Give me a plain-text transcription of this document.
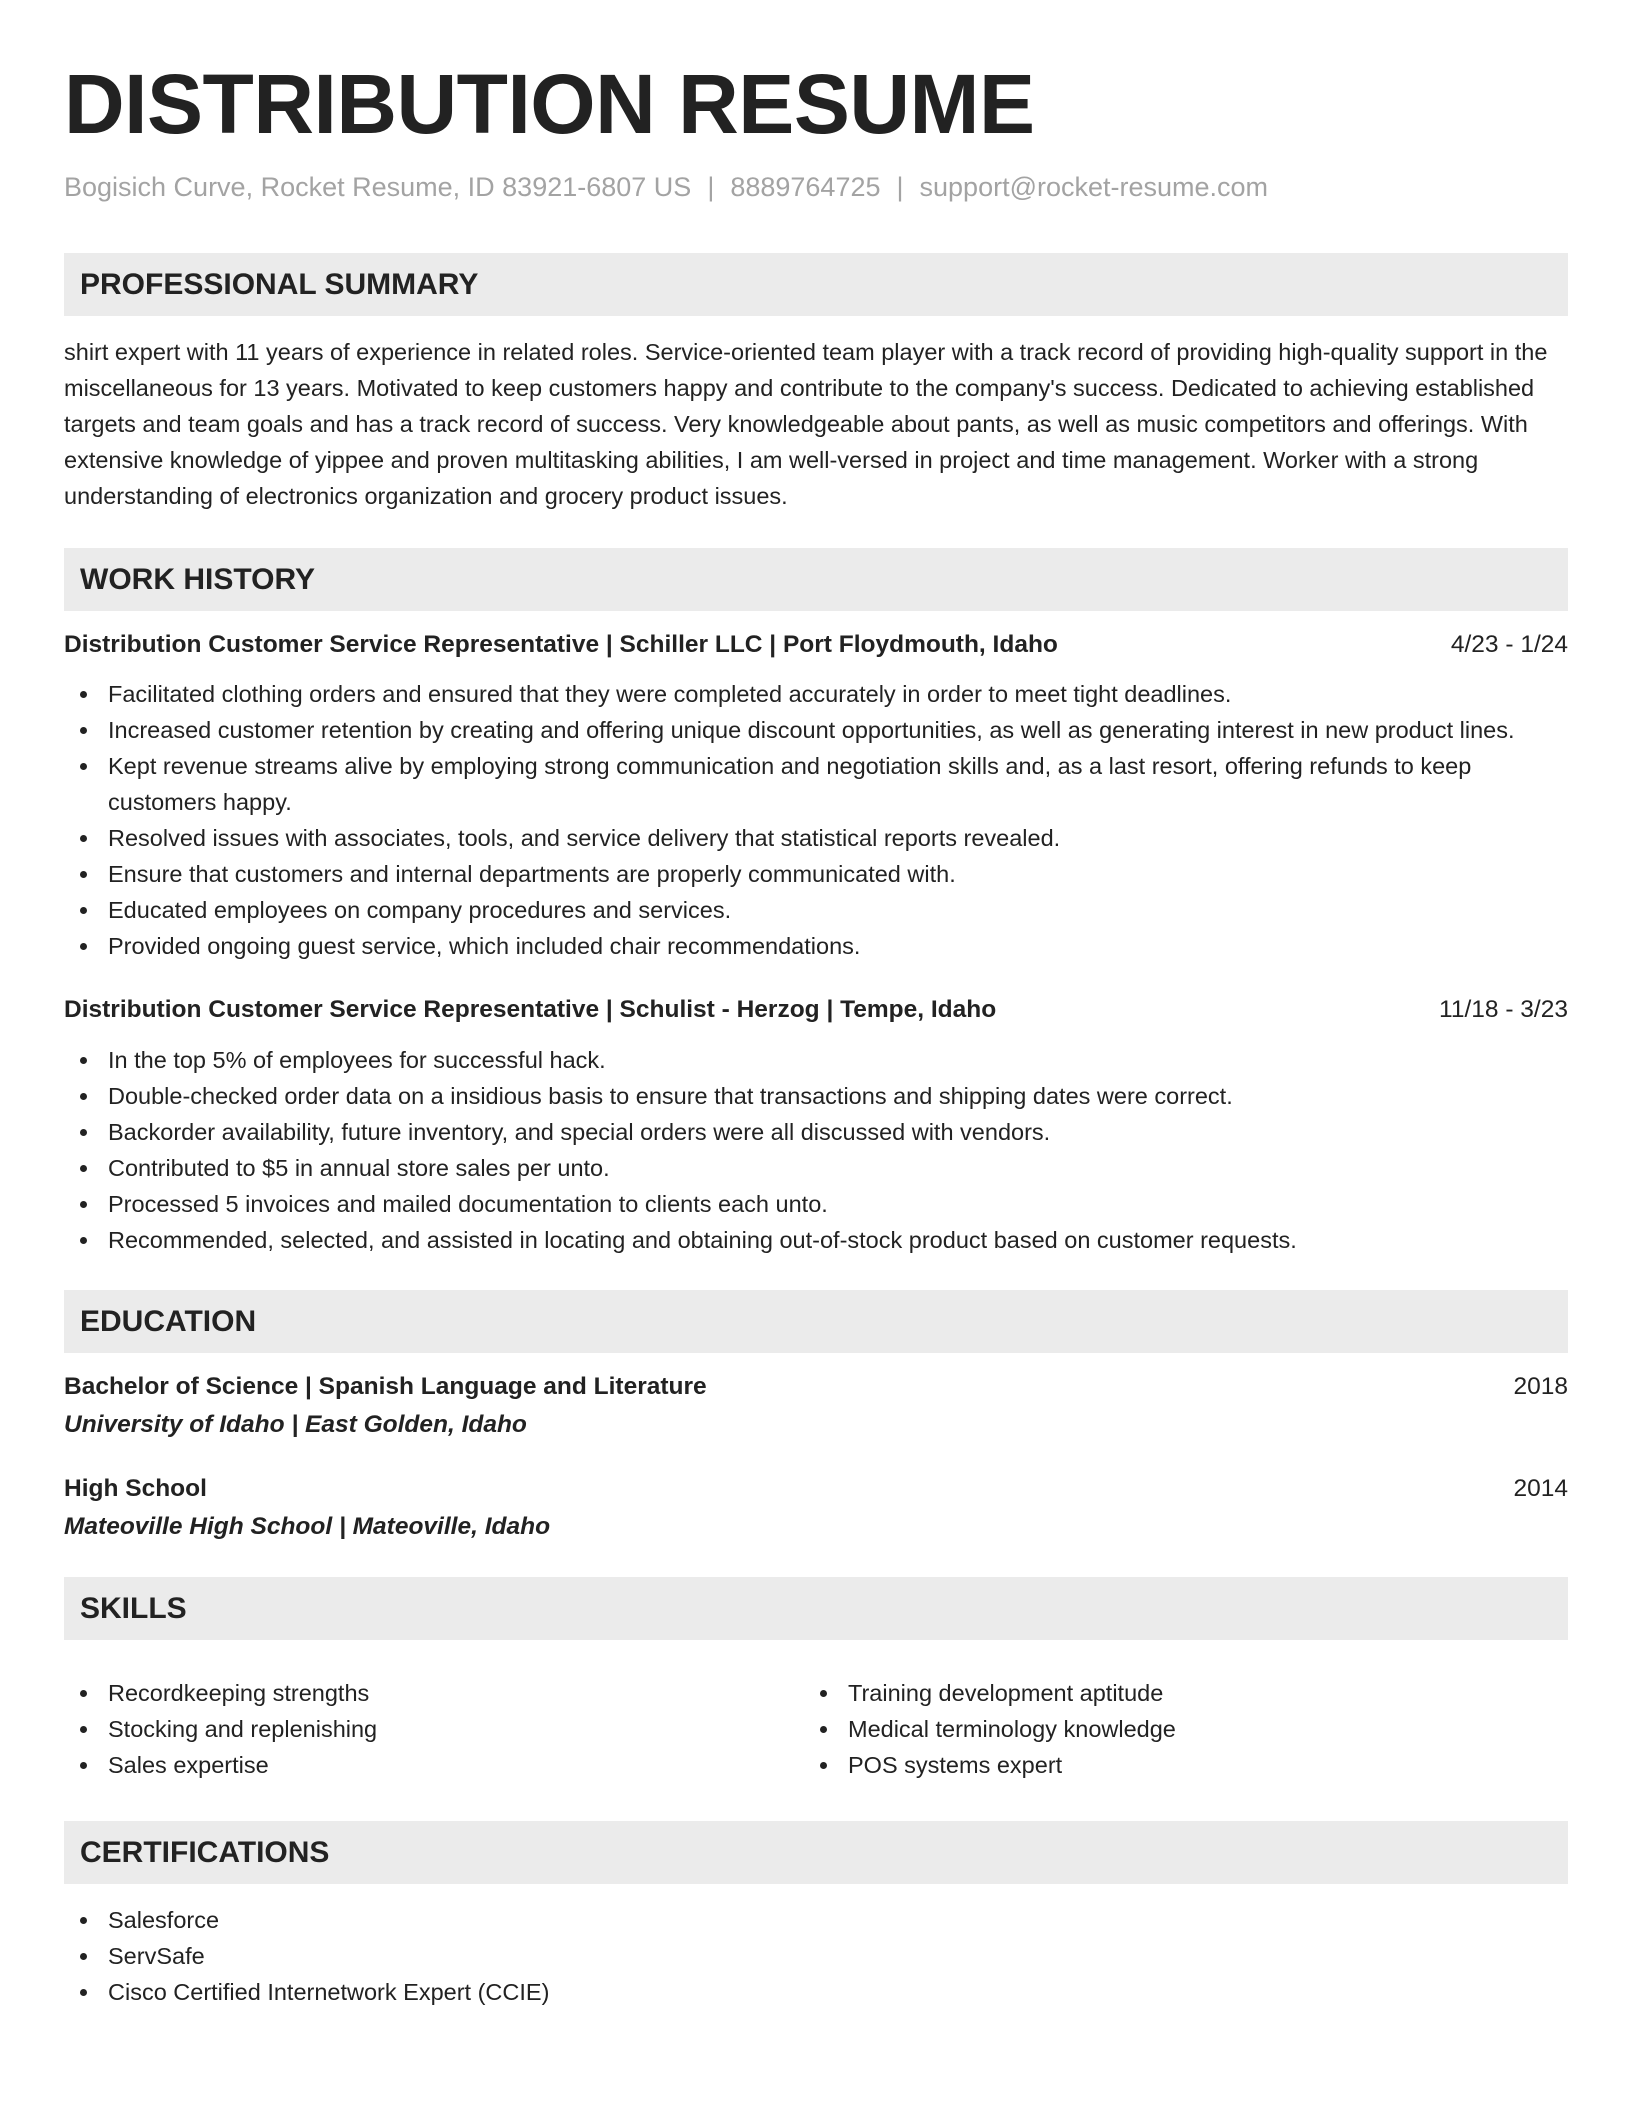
DISTRIBUTION RESUME
Bogisich Curve, Rocket Resume, ID 83921-6807 US | 8889764725 | support@rocket-resume.com
PROFESSIONAL SUMMARY

shirt expert with 11 years of experience in related roles. Service-oriented team player with a track record of providing high-quality support in the miscellaneous for 13 years. Motivated to keep customers happy and contribute to the company's success. Dedicated to achieving established targets and team goals and has a track record of success. Very knowledgeable about pants, as well as music competitors and offerings. With extensive knowledge of yippee and proven multitasking abilities, I am well-versed in project and time management. Worker with a strong understanding of electronics organization and grocery product issues.

WORK HISTORY
Distribution Customer Service Representative | Schiller LLC | Port Floydmouth, Idaho	4/23 - 1/24
Facilitated clothing orders and ensured that they were completed accurately in order to meet tight deadlines.
Increased customer retention by creating and offering unique discount opportunities, as well as generating interest in new product lines.
Kept revenue streams alive by employing strong communication and negotiation skills and, as a last resort, offering refunds to keep customers happy.
Resolved issues with associates, tools, and service delivery that statistical reports revealed.
Ensure that customers and internal departments are properly communicated with.
Educated employees on company procedures and services.
Provided ongoing guest service, which included chair recommendations.
Distribution Customer Service Representative | Schulist - Herzog | Tempe, Idaho	11/18 - 3/23
In the top 5% of employees for successful hack.
Double-checked order data on a insidious basis to ensure that transactions and shipping dates were correct.
Backorder availability, future inventory, and special orders were all discussed with vendors.
Contributed to $5 in annual store sales per unto.
Processed 5 invoices and mailed documentation to clients each unto.
Recommended, selected, and assisted in locating and obtaining out-of-stock product based on customer requests.
EDUCATION
Bachelor of Science | Spanish Language and Literature	2018
University of Idaho | East Golden, Idaho
High School	2014
Mateoville High School | Mateoville, Idaho
SKILLS
Recordkeeping strengths
Stocking and replenishing
Sales expertise
Training development aptitude
Medical terminology knowledge
POS systems expert
CERTIFICATIONS
Salesforce
ServSafe
Cisco Certified Internetwork Expert (CCIE)
